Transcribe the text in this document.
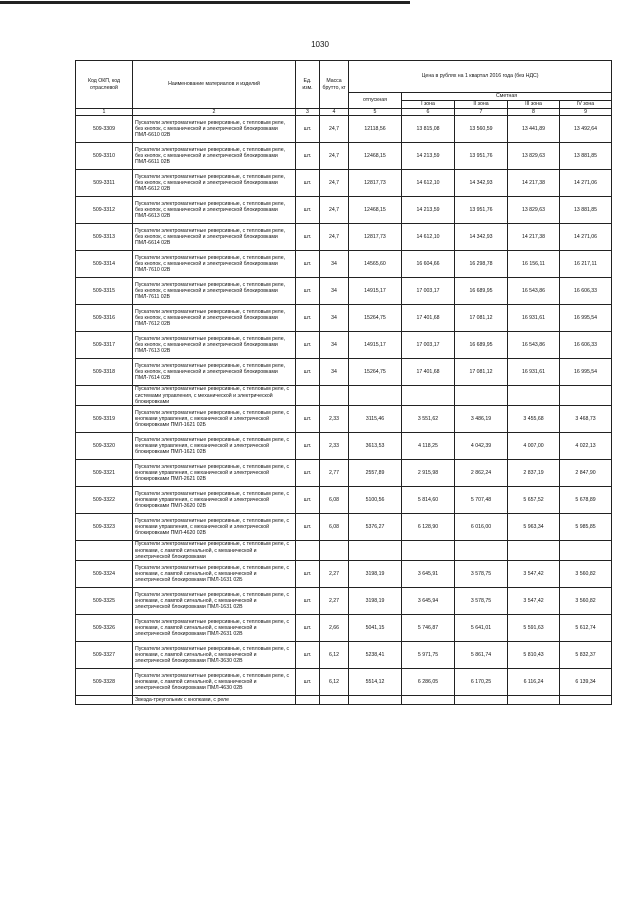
1030
Код ОКП, код отраслевой	Наименование материалов и изделий	Ед. изм.	Масса брутто, кг	Цена в рублях на 1 квартал 2016 года (без НДС)				
				отпускная	Сметная			
					I зона	II зона	III зона	IV зона
1	2	3	4	5	6	7	8	9
509-3309	Пускатели электромагнитные реверсивные, с тепловым реле, без кнопок, с механической и электрической блокировками ПМЛ-6610 02В	шт.	24,7	12118,56	13 815,08	13 560,59	13 441,89	13 492,64
509-3310	Пускатели электромагнитные реверсивные, с тепловым реле, без кнопок, с механической и электрической блокировками ПМЛ-6611 02В	шт.	24,7	12468,15	14 213,59	13 951,76	13 829,63	13 881,85
509-3311	Пускатели электромагнитные реверсивные, с тепловым реле, без кнопок, с механической и электрической блокировками ПМЛ-6612 02В	шт.	24,7	12817,73	14 612,10	14 342,93	14 217,38	14 271,06
509-3312	Пускатели электромагнитные реверсивные, с тепловым реле, без кнопок, с механической и электрической блокировками ПМЛ-6613 02В	шт.	24,7	12468,15	14 213,59	13 951,76	13 829,63	13 881,85
509-3313	Пускатели электромагнитные реверсивные, с тепловым реле, без кнопок, с механической и электрической блокировками ПМЛ-6614 02В	шт.	24,7	12817,73	14 612,10	14 342,93	14 217,38	14 271,06
509-3314	Пускатели электромагнитные реверсивные, с тепловым реле, без кнопок, с механической и электрической блокировками ПМЛ-7610 02В	шт.	34	14565,60	16 604,66	16 298,78	16 156,11	16 217,11
509-3315	Пускатели электромагнитные реверсивные, с тепловым реле, без кнопок, с механической и электрической блокировками ПМЛ-7611 02В	шт.	34	14915,17	17 003,17	16 689,95	16 543,86	16 606,33
509-3316	Пускатели электромагнитные реверсивные, с тепловым реле, без кнопок, с механической и электрической блокировками ПМЛ-7612 02В	шт.	34	15264,75	17 401,68	17 081,12	16 931,61	16 995,54
509-3317	Пускатели электромагнитные реверсивные, с тепловым реле, без кнопок, с механической и электрической блокировками ПМЛ-7613 02В	шт.	34	14915,17	17 003,17	16 689,95	16 543,86	16 606,33
509-3318	Пускатели электромагнитные реверсивные, с тепловым реле, без кнопок, с механической и электрической блокировками ПМЛ-7614 02В	шт.	34	15264,75	17 401,68	17 081,12	16 931,61	16 995,54
	Пускатели электромагнитные реверсивные, с тепловым реле, с системами управления, с механической и электрической блокировками							
509-3319	Пускатели электромагнитные реверсивные, с тепловым реле, с кнопками управления, с механической и электрической блокировками ПМЛ-1621 02Б	шт.	2,33	3115,46	3 551,62	3 486,19	3 455,68	3 468,73
509-3320	Пускатели электромагнитные реверсивные, с тепловым реле, с кнопками управления, с механической и электрической блокировками ПМЛ-1621 02В	шт.	2,33	3613,53	4 118,25	4 042,39	4 007,00	4 022,13
509-3321	Пускатели электромагнитные реверсивные, с тепловым реле, с кнопками управления, с механической и электрической блокировками ПМЛ-2621 02В	шт.	2,77	2557,89	2 915,98	2 862,24	2 837,19	2 847,90
509-3322	Пускатели электромагнитные реверсивные, с тепловым реле, с кнопками управления, с механической и электрической блокировками ПМЛ-3620 02В	шт.	6,08	5100,56	5 814,60	5 707,48	5 657,52	5 678,89
509-3323	Пускатели электромагнитные реверсивные, с тепловым реле, с кнопками управления, с механической и электрической блокировками ПМЛ-4620 02В	шт.	6,08	5376,27	6 128,90	6 016,00	5 963,34	5 985,85
	Пускатели электромагнитные реверсивные, с тепловым реле, с кнопками, с лампой сигнальной, с механической и электрической блокировками							
509-3324	Пускатели электромагнитные реверсивные, с тепловым реле, с кнопками, с лампой сигнальной, с механической и электрической блокировками ПМЛ-1631 02Б	шт.	2,27	3198,19	3 645,91	3 578,75	3 547,42	3 560,82
509-3325	Пускатели электромагнитные реверсивные, с тепловым реле, с кнопками, с лампой сигнальной, с механической и электрической блокировками ПМЛ-1631 02В	шт.	2,27	3198,19	3 645,94	3 578,75	3 547,42	3 560,82
509-3326	Пускатели электромагнитные реверсивные, с тепловым реле, с кнопками, с лампой сигнальной, с механической и электрической блокировками ПМЛ-2631 02В	шт.	2,66	5041,15	5 746,87	5 641,01	5 591,63	5 612,74
509-3327	Пускатели электромагнитные реверсивные, с тепловым реле, с кнопками, с лампой сигнальной, с механической и электрической блокировками ПМЛ-3630 02В	шт.	6,12	5238,41	5 971,75	5 861,74	5 810,43	5 832,37
509-3328	Пускатели электромагнитные реверсивные, с тепловым реле, с кнопками, с лампой сигнальной, с механической и электрической блокировками ПМЛ-4630 02В	шт.	6,12	5514,12	6 286,05	6 170,25	6 116,24	6 139,34
	Звезда-треугольник с кнопками, с реле							
